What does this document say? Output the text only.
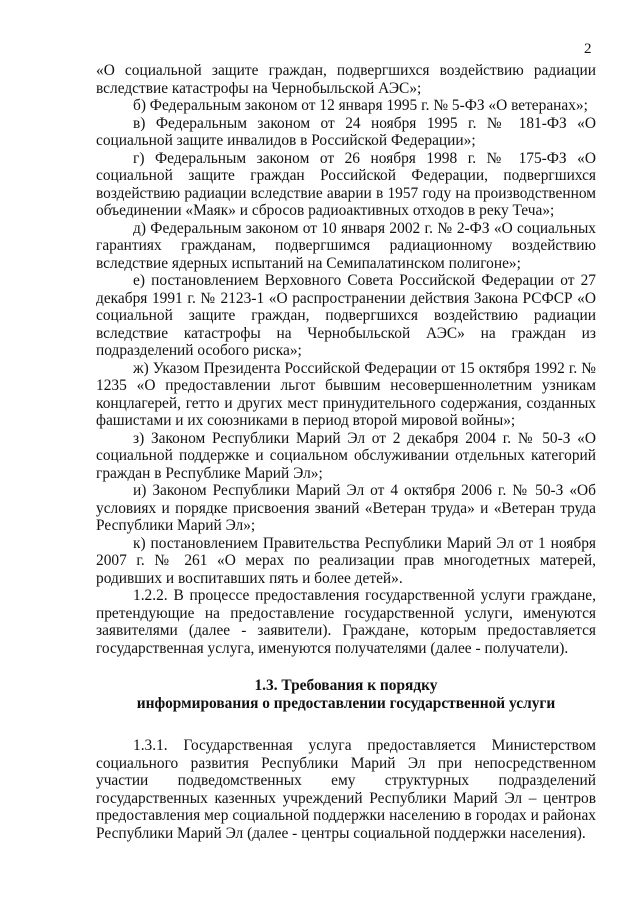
2

«О социальной защите граждан, подвергшихся воздействию радиации вследствие катастрофы на Чернобыльской АЭС»;

б) Федеральным законом от 12 января 1995 г. № 5-ФЗ «О ветеранах»;

в) Федеральным законом от 24 ноября 1995 г. № 181-ФЗ «О социальной защите инвалидов в Российской Федерации»;

г) Федеральным законом от 26 ноября 1998 г. № 175-ФЗ «О социальной защите граждан Российской Федерации, подвергшихся воздействию радиации вследствие аварии в 1957 году на производственном объединении «Маяк» и сбросов радиоактивных отходов в реку Теча»;

д) Федеральным законом от 10 января 2002 г. № 2-ФЗ «О социальных гарантиях гражданам, подвергшимся радиационному воздействию вследствие ядерных испытаний на Семипалатинском полигоне»;

е) постановлением Верховного Совета Российской Федерации от 27 декабря 1991 г. № 2123-1 «О распространении действия Закона РСФСР «О социальной защите граждан, подвергшихся воздействию радиации вследствие катастрофы на Чернобыльской АЭС» на граждан из подразделений особого риска»;

ж) Указом Президента Российской Федерации от 15 октября 1992 г. № 1235 «О предоставлении льгот бывшим несовершеннолетним узникам концлагерей, гетто и других мест принудительного содержания, созданных фашистами и их союзниками в период второй мировой войны»;

з) Законом Республики Марий Эл от 2 декабря 2004 г. № 50-З «О социальной поддержке и социальном обслуживании отдельных категорий граждан в Республике Марий Эл»;

и) Законом Республики Марий Эл от 4 октября 2006 г. № 50-З «Об условиях и порядке присвоения званий «Ветеран труда» и «Ветеран труда Республики Марий Эл»;

к) постановлением Правительства Республики Марий Эл от 1 ноября 2007 г. № 261 «О мерах по реализации прав многодетных матерей, родивших и воспитавших пять и более детей».

1.2.2. В процессе предоставления государственной услуги граждане, претендующие на предоставление государственной услуги, именуются заявителями (далее - заявители). Граждане, которым предоставляется государственная услуга, именуются получателями (далее - получатели).

1.3. Требования к порядку
информирования о предоставлении государственной услуги

1.3.1. Государственная услуга предоставляется Министерством социального развития Республики Марий Эл при непосредственном участии подведомственных ему структурных подразделений государственных казенных учреждений Республики Марий Эл – центров предоставления мер социальной поддержки населению в городах и районах Республики Марий Эл (далее - центры социальной поддержки населения).
